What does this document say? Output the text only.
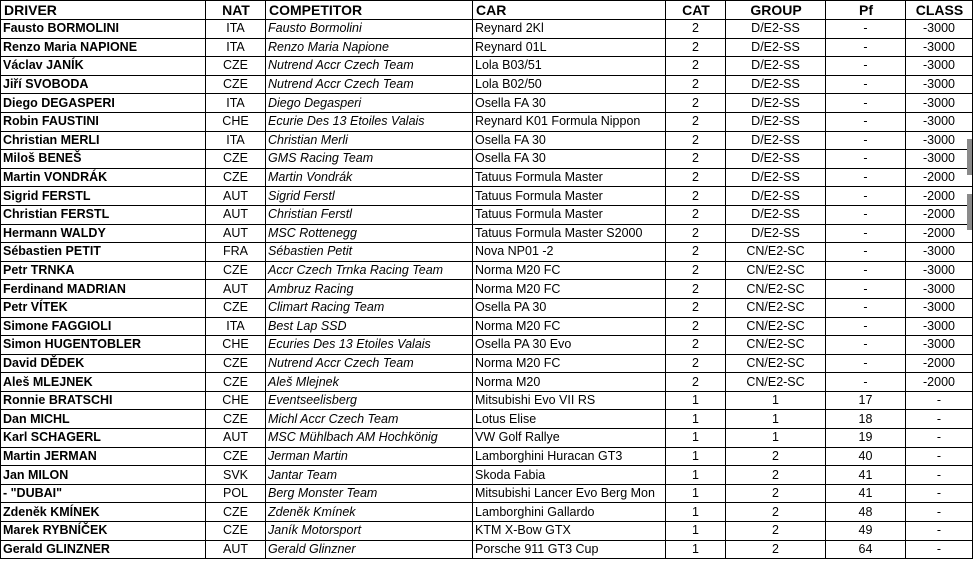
DRIVER	NAT	COMPETITOR	CAR	CAT	GROUP	Pf	CLASS
Fausto BORMOLINI	ITA	Fausto Bormolini	Reynard 2Kl	2	D/E2-SS	-	-3000
Renzo Maria NAPIONE	ITA	Renzo Maria Napione	Reynard 01L	2	D/E2-SS	-	-3000
Václav JANÍK	CZE	Nutrend Accr Czech Team	Lola B03/51	2	D/E2-SS	-	-3000
Jiří SVOBODA	CZE	Nutrend Accr Czech Team	Lola B02/50	2	D/E2-SS	-	-3000
Diego DEGASPERI	ITA	Diego Degasperi	Osella FA 30	2	D/E2-SS	-	-3000
Robin FAUSTINI	CHE	Ecurie Des 13 Etoiles Valais	Reynard K01 Formula Nippon	2	D/E2-SS	-	-3000
Christian MERLI	ITA	Christian Merli	Osella FA 30	2	D/E2-SS	-	-3000
Miloš BENEŠ	CZE	GMS Racing Team	Osella FA 30	2	D/E2-SS	-	-3000
Martin VONDRÁK	CZE	Martin Vondrák	Tatuus Formula Master	2	D/E2-SS	-	-2000
Sigrid FERSTL	AUT	Sigrid Ferstl	Tatuus Formula Master	2	D/E2-SS	-	-2000
Christian FERSTL	AUT	Christian Ferstl	Tatuus Formula Master	2	D/E2-SS	-	-2000
Hermann WALDY	AUT	MSC Rottenegg	Tatuus Formula Master S2000	2	D/E2-SS	-	-2000
Sébastien PETIT	FRA	Sébastien Petit	Nova NP01 -2	2	CN/E2-SC	-	-3000
Petr TRNKA	CZE	Accr Czech Trnka Racing Team	Norma M20 FC	2	CN/E2-SC	-	-3000
Ferdinand MADRIAN	AUT	Ambruz Racing	Norma M20 FC	2	CN/E2-SC	-	-3000
Petr VÍTEK	CZE	Climart Racing Team	Osella PA 30	2	CN/E2-SC	-	-3000
Simone FAGGIOLI	ITA	Best Lap SSD	Norma M20 FC	2	CN/E2-SC	-	-3000
Simon HUGENTOBLER	CHE	Ecuries Des 13 Etoiles Valais	Osella PA 30 Evo	2	CN/E2-SC	-	-3000
David DĚDEK	CZE	Nutrend Accr Czech Team	Norma M20 FC	2	CN/E2-SC	-	-2000
Aleš MLEJNEK	CZE	Aleš Mlejnek	Norma M20	2	CN/E2-SC	-	-2000
Ronnie BRATSCHI	CHE	Eventseelisberg	Mitsubishi Evo VII RS	1	1	17	-
Dan MICHL	CZE	Michl Accr Czech Team	Lotus Elise	1	1	18	-
Karl SCHAGERL	AUT	MSC Mühlbach AM Hochkönig	VW Golf Rallye	1	1	19	-
Martin JERMAN	CZE	Jerman Martin	Lamborghini Huracan GT3	1	2	40	-
Jan MILON	SVK	Jantar Team	Skoda Fabia	1	2	41	-
- "DUBAI"	POL	Berg Monster Team	Mitsubishi Lancer Evo Berg Mon	1	2	41	-
Zdeněk KMÍNEK	CZE	Zdeněk Kmínek	Lamborghini Gallardo	1	2	48	-
Marek RYBNÍČEK	CZE	Janík Motorsport	KTM X-Bow GTX	1	2	49	-
Gerald GLINZNER	AUT	Gerald Glinzner	Porsche 911 GT3 Cup	1	2	64	-
